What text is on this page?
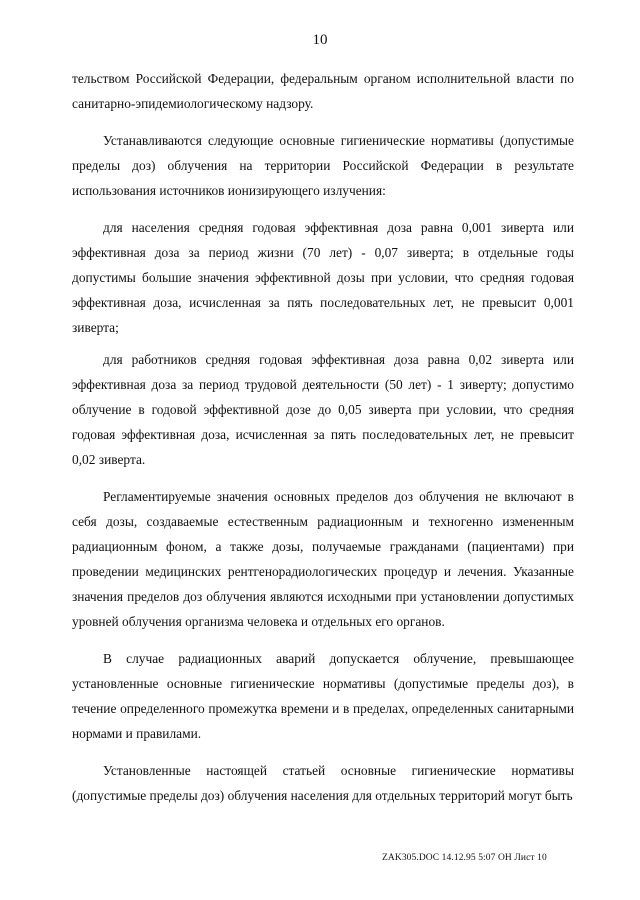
10

тельством Российской Федерации, федеральным органом исполнительной власти по санитарно-эпидемиологическому надзору.

Устанавливаются следующие основные гигиенические нормативы (допустимые пределы доз) облучения на территории Российской Федерации в результате использования источников ионизирующего излучения:

для населения средняя годовая эффективная доза равна 0,001 зиверта или эффективная доза за период жизни (70 лет) - 0,07 зиверта; в отдельные годы допустимы большие значения эффективной дозы при условии, что средняя годовая эффективная доза, исчисленная за пять последовательных лет, не превысит 0,001 зиверта;

для работников средняя годовая эффективная доза равна 0,02 зиверта или эффективная доза за период трудовой деятельности (50 лет) - 1 зиверту; допустимо облучение в годовой эффективной дозе до 0,05 зиверта при условии, что средняя годовая эффективная доза, исчисленная за пять последовательных лет, не превысит 0,02 зиверта.

Регламентируемые значения основных пределов доз облучения не включают в себя дозы, создаваемые естественным радиационным и техногенно измененным радиационным фоном, а также дозы, получаемые гражданами (пациентами) при проведении медицинских рентгенорадиологических процедур и лечения. Указанные значения пределов доз облучения являются исходными при установлении допустимых уровней облучения организма человека и отдельных его органов.

В случае радиационных аварий допускается облучение, превышающее установленные основные гигиенические нормативы (допустимые пределы доз), в течение определенного промежутка времени и в пределах, определенных санитарными нормами и правилами.

Установленные настоящей статьей основные гигиенические нормативы (допустимые пределы доз) облучения населения для отдельных территорий могут быть

ZAK305.DOC 14.12.95 5:07 ОН Лист 10
